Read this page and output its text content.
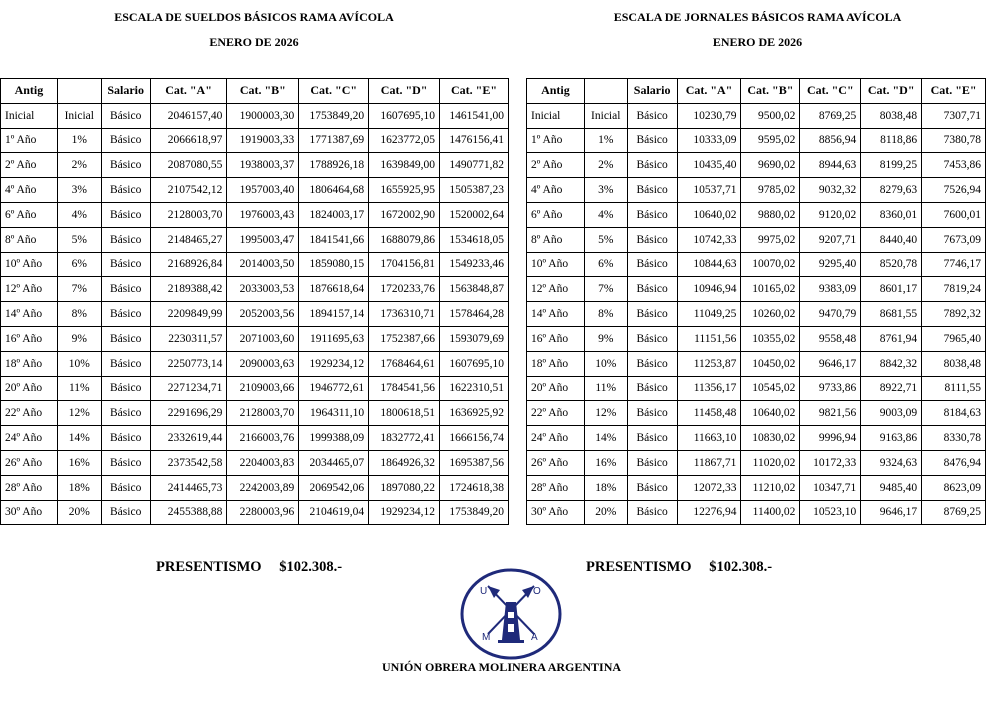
ESCALA DE SUELDOS BÁSICOS RAMA AVÍCOLA
ENERO DE 2026
ESCALA DE JORNALES BÁSICOS RAMA AVÍCOLA
ENERO DE 2026
Antig		Salario	Cat. "A"	Cat. "B"	Cat. "C"	Cat. "D"	Cat. "E"
Inicial	Inicial	Básico	2046157,40	1900003,30	1753849,20	1607695,10	1461541,00
1º Año	1%	Básico	2066618,97	1919003,33	1771387,69	1623772,05	1476156,41
2º Año	2%	Básico	2087080,55	1938003,37	1788926,18	1639849,00	1490771,82
4º Año	3%	Básico	2107542,12	1957003,40	1806464,68	1655925,95	1505387,23
6º Año	4%	Básico	2128003,70	1976003,43	1824003,17	1672002,90	1520002,64
8º Año	5%	Básico	2148465,27	1995003,47	1841541,66	1688079,86	1534618,05
10º Año	6%	Básico	2168926,84	2014003,50	1859080,15	1704156,81	1549233,46
12º Año	7%	Básico	2189388,42	2033003,53	1876618,64	1720233,76	1563848,87
14º Año	8%	Básico	2209849,99	2052003,56	1894157,14	1736310,71	1578464,28
16º Año	9%	Básico	2230311,57	2071003,60	1911695,63	1752387,66	1593079,69
18º Año	10%	Básico	2250773,14	2090003,63	1929234,12	1768464,61	1607695,10
20º Año	11%	Básico	2271234,71	2109003,66	1946772,61	1784541,56	1622310,51
22º Año	12%	Básico	2291696,29	2128003,70	1964311,10	1800618,51	1636925,92
24º Año	14%	Básico	2332619,44	2166003,76	1999388,09	1832772,41	1666156,74
26º Año	16%	Básico	2373542,58	2204003,83	2034465,07	1864926,32	1695387,56
28º Año	18%	Básico	2414465,73	2242003,89	2069542,06	1897080,22	1724618,38
30º Año	20%	Básico	2455388,88	2280003,96	2104619,04	1929234,12	1753849,20
Antig		Salario	Cat. "A"	Cat. "B"	Cat. "C"	Cat. "D"	Cat. "E"
Inicial	Inicial	Básico	10230,79	9500,02	8769,25	8038,48	7307,71
1º Año	1%	Básico	10333,09	9595,02	8856,94	8118,86	7380,78
2º Año	2%	Básico	10435,40	9690,02	8944,63	8199,25	7453,86
4º Año	3%	Básico	10537,71	9785,02	9032,32	8279,63	7526,94
6º Año	4%	Básico	10640,02	9880,02	9120,02	8360,01	7600,01
8º Año	5%	Básico	10742,33	9975,02	9207,71	8440,40	7673,09
10º Año	6%	Básico	10844,63	10070,02	9295,40	8520,78	7746,17
12º Año	7%	Básico	10946,94	10165,02	9383,09	8601,17	7819,24
14º Año	8%	Básico	11049,25	10260,02	9470,79	8681,55	7892,32
16º Año	9%	Básico	11151,56	10355,02	9558,48	8761,94	7965,40
18º Año	10%	Básico	11253,87	10450,02	9646,17	8842,32	8038,48
20º Año	11%	Básico	11356,17	10545,02	9733,86	8922,71	8111,55
22º Año	12%	Básico	11458,48	10640,02	9821,56	9003,09	8184,63
24º Año	14%	Básico	11663,10	10830,02	9996,94	9163,86	8330,78
26º Año	16%	Básico	11867,71	11020,02	10172,33	9324,63	8476,94
28º Año	18%	Básico	12072,33	11210,02	10347,71	9485,40	8623,09
30º Año	20%	Básico	12276,94	11400,02	10523,10	9646,17	8769,25
PRESENTISMO $102.308.-	PRESENTISMO $102.308.-
U	O
M	A
UNIÓN OBRERA MOLINERA ARGENTINA
